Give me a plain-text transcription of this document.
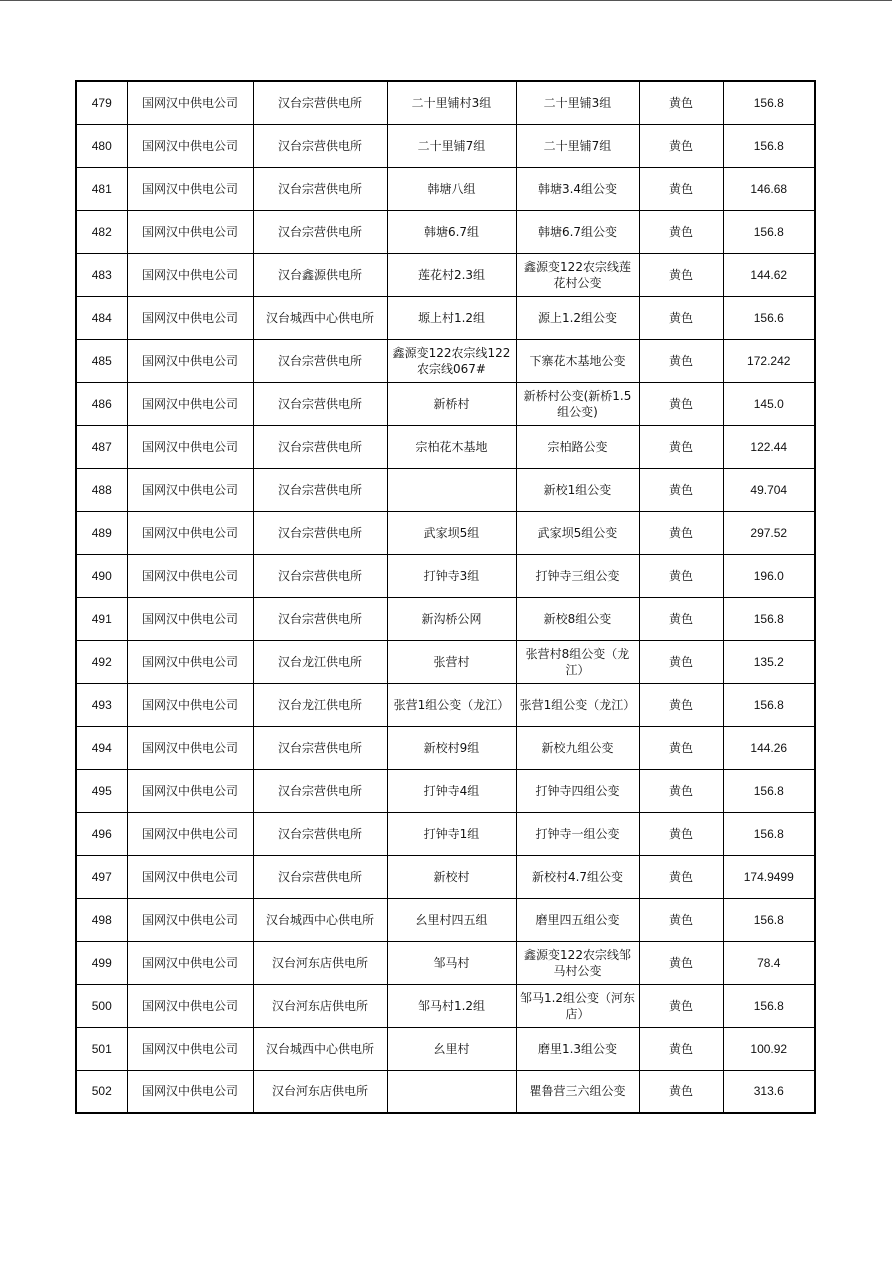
479	国网汉中供电公司	汉台宗营供电所	二十里铺村3组	二十里铺3组	黄色	156.8
480	国网汉中供电公司	汉台宗营供电所	二十里铺7组	二十里铺7组	黄色	156.8
481	国网汉中供电公司	汉台宗营供电所	韩塘八组	韩塘3.4组公变	黄色	146.68
482	国网汉中供电公司	汉台宗营供电所	韩塘6.7组	韩塘6.7组公变	黄色	156.8
483	国网汉中供电公司	汉台鑫源供电所	莲花村2.3组	鑫源变122农宗线莲花村公变	黄色	144.62
484	国网汉中供电公司	汉台城西中心供电所	塬上村1.2组	源上1.2组公变	黄色	156.6
485	国网汉中供电公司	汉台宗营供电所	鑫源变122农宗线122农宗线067#	下寨花木基地公变	黄色	172.242
486	国网汉中供电公司	汉台宗营供电所	新桥村	新桥村公变(新桥1.5组公变)	黄色	145.0
487	国网汉中供电公司	汉台宗营供电所	宗柏花木基地	宗柏路公变	黄色	122.44
488	国网汉中供电公司	汉台宗营供电所		新校1组公变	黄色	49.704
489	国网汉中供电公司	汉台宗营供电所	武家坝5组	武家坝5组公变	黄色	297.52
490	国网汉中供电公司	汉台宗营供电所	打钟寺3组	打钟寺三组公变	黄色	196.0
491	国网汉中供电公司	汉台宗营供电所	新沟桥公网	新校8组公变	黄色	156.8
492	国网汉中供电公司	汉台龙江供电所	张营村	张营村8组公变（龙江）	黄色	135.2
493	国网汉中供电公司	汉台龙江供电所	张营1组公变（龙江）	张营1组公变（龙江）	黄色	156.8
494	国网汉中供电公司	汉台宗营供电所	新校村9组	新校九组公变	黄色	144.26
495	国网汉中供电公司	汉台宗营供电所	打钟寺4组	打钟寺四组公变	黄色	156.8
496	国网汉中供电公司	汉台宗营供电所	打钟寺1组	打钟寺一组公变	黄色	156.8
497	国网汉中供电公司	汉台宗营供电所	新校村	新校村4.7组公变	黄色	174.9499
498	国网汉中供电公司	汉台城西中心供电所	幺里村四五组	磨里四五组公变	黄色	156.8
499	国网汉中供电公司	汉台河东店供电所	邹马村	鑫源变122农宗线邹马村公变	黄色	78.4
500	国网汉中供电公司	汉台河东店供电所	邹马村1.2组	邹马1.2组公变（河东店）	黄色	156.8
501	国网汉中供电公司	汉台城西中心供电所	幺里村	磨里1.3组公变	黄色	100.92
502	国网汉中供电公司	汉台河东店供电所		瞿鲁营三六组公变	黄色	313.6
